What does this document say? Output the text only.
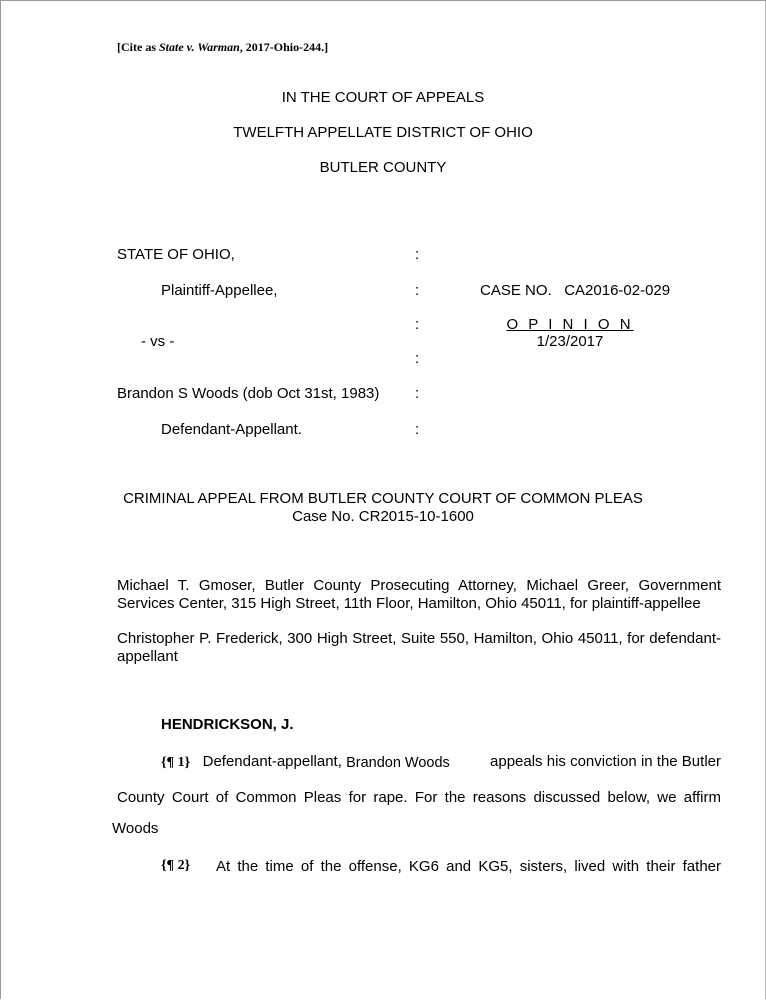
[Cite as State v. Warman, 2017-Ohio-244.]
IN THE COURT OF APPEALS
TWELFTH APPELLATE DISTRICT OF OHIO
BUTLER COUNTY
STATE OF OHIO,
Plaintiff-Appellee,
- vs -
Brandon S Woods (dob Oct 31st, 1983)
Defendant-Appellant.
:
:
:
:
:
:
CASE NO. CA2016-02-029
O P I N I O N
1/23/2017
CRIMINAL APPEAL FROM BUTLER COUNTY COURT OF COMMON PLEAS
Case No. CR2015-10-1600
Michael T. Gmoser, Butler County Prosecuting Attorney, Michael Greer, Government Services Center, 315 High Street, 11th Floor, Hamilton, Ohio 45011, for plaintiff-appellee
Christopher P. Frederick, 300 High Street, Suite 550, Hamilton, Ohio 45011, for defendant-appellant
HENDRICKSON, J.
{¶ 1} Defendant-appellant, Brandon Woods	appeals his conviction in the Butler
County Court of Common Pleas for rape. For the reasons discussed below, we affirm
Woods
{¶ 2} At the time of the offense, KG6 and KG5, sisters, lived with their father
